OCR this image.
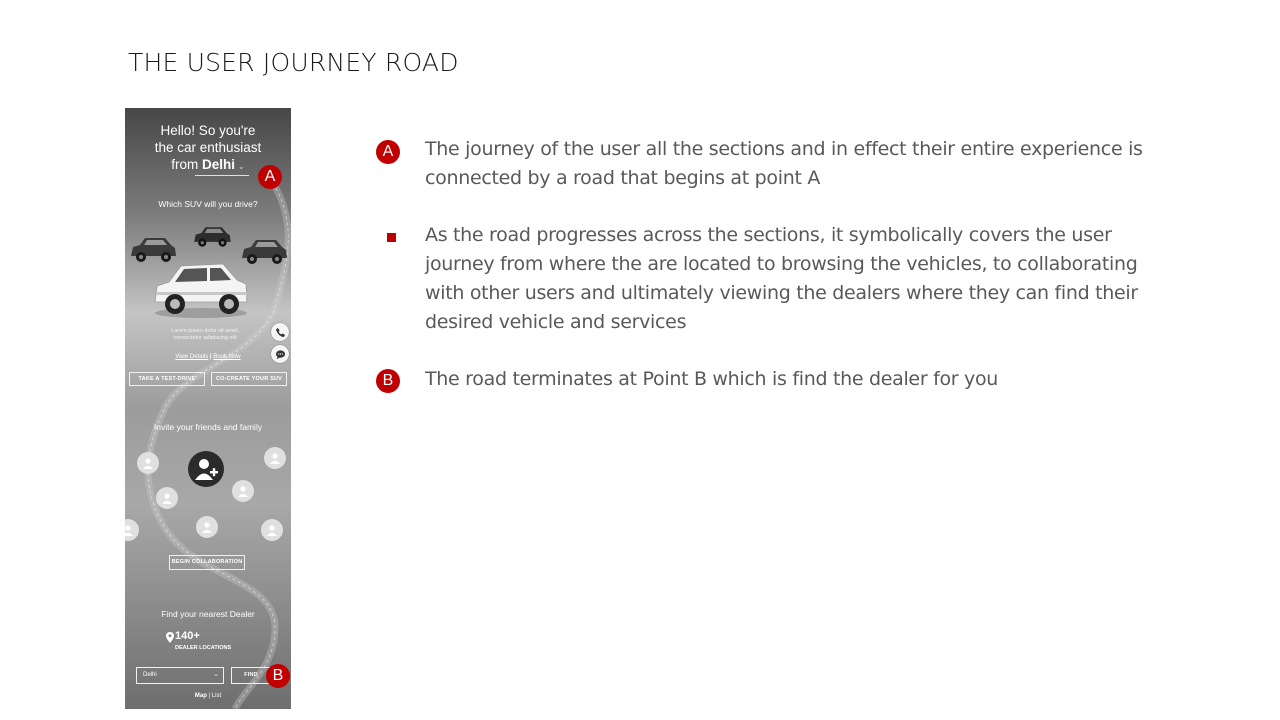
THE USER JOURNEY ROAD
Hello! So you're
the car enthusiast
from Delhi ⌄
A
Which SUV will you drive?
Lorem ipsum dolor sit amet,
consectetur adipiscing elit
View Details | Book Now
TAKE A TEST-DRIVE	CO-CREATE YOUR SUV
Invite your friends and family
BEGIN COLLABORATION
Find your nearest Dealer
140+
DEALER LOCATIONS
Delhi	⌄	FIND B
Map | List
A	The journey of the user all the sections and in effect their entire experience is connected by a road that begins at point A
As the road progresses across the sections, it symbolically covers the user journey from where the are located to browsing the vehicles, to collaborating with other users and ultimately viewing the dealers where they can find their desired vehicle and services
B	The road terminates at Point B which is find the dealer for you
